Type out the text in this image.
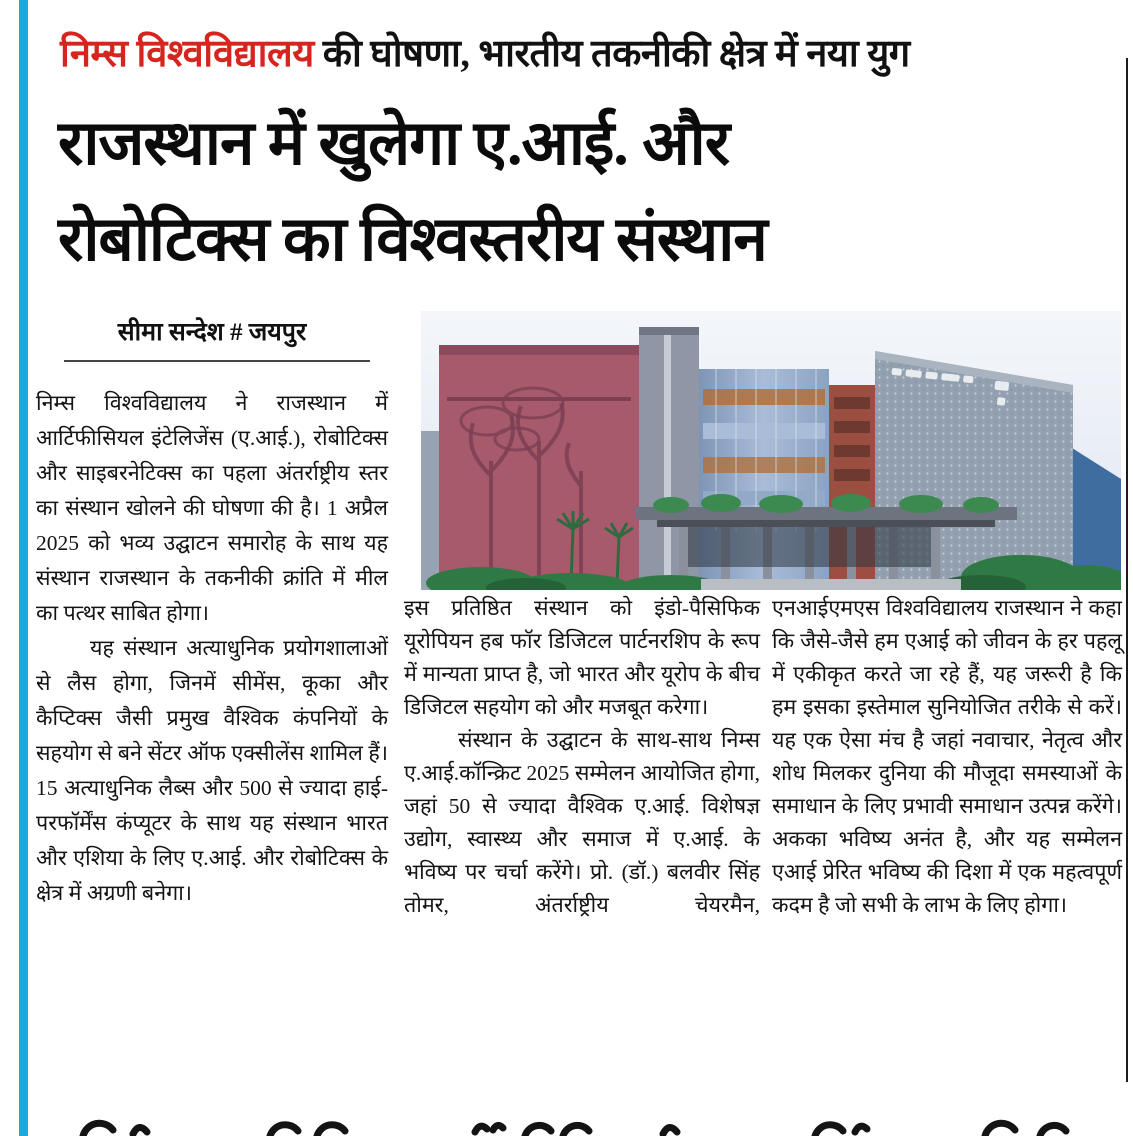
निम्स विश्वविद्यालय की घोषणा, भारतीय तकनीकी क्षेत्र में नया युग
राजस्थान में खुलेगा ए.आई. और
रोबोटिक्स का विश्वस्तरीय संस्थान
सीमा सन्देश # जयपुर

निम्स विश्वविद्यालय ने राजस्थान में आर्टिफीसियल इंटेलिजेंस (ए.आई.), रोबोटिक्स और साइबरनेटिक्स का पहला अंतर्राष्ट्रीय स्तर का संस्थान खोलने की घोषणा की है। 1 अप्रैल 2025 को भव्य उद्घाटन समारोह के साथ यह संस्थान राजस्थान के तकनीकी क्रांति में मील का पत्थर साबित होगा।

यह संस्थान अत्याधुनिक प्रयोगशालाओं से लैस होगा, जिनमें सीमेंस, कूका और कैप्टिक्स जैसी प्रमुख वैश्विक कंपनियों के सहयोग से बने सेंटर ऑफ एक्सीलेंस शामिल हैं। 15 अत्याधुनिक लैब्स और 500 से ज्यादा हाई-परफॉर्मेंस कंप्यूटर के साथ यह संस्थान भारत और एशिया के लिए ए.आई. और रोबोटिक्स के क्षेत्र में अग्रणी बनेगा।

इस प्रतिष्ठित संस्थान को इंडो-पैसिफिक यूरोपियन हब फॉर डिजिटल पार्टनरशिप के रूप में मान्यता प्राप्त है, जो भारत और यूरोप के बीच डिजिटल सहयोग को और मजबूत करेगा।

संस्थान के उद्घाटन के साथ-साथ निम्स ए.आई.कॉन्क्रिट 2025 सम्मेलन आयोजित होगा, जहां 50 से ज्यादा वैश्विक ए.आई. विशेषज्ञ उद्योग, स्वास्थ्य और समाज में ए.आई. के भविष्य पर चर्चा करेंगे। प्रो. (डॉ.) बलवीर सिंह तोमर, अंतर्राष्ट्रीय चेयरमैन,

एनआईएमएस विश्वविद्यालय राजस्थान ने कहा कि जैसे-जैसे हम एआई को जीवन के हर पहलू में एकीकृत करते जा रहे हैं, यह जरूरी है कि हम इसका इस्तेमाल सुनियोजित तरीके से करें। यह एक ऐसा मंच है जहां नवाचार, नेतृत्व और शोध मिलकर दुनिया की मौजूदा समस्याओं के समाधान के लिए प्रभावी समाधान उत्पन्न करेंगे। अकका भविष्य अनंत है, और यह सम्मेलन एआई प्रेरित भविष्य की दिशा में एक महत्वपूर्ण कदम है जो सभी के लाभ के लिए होगा।
